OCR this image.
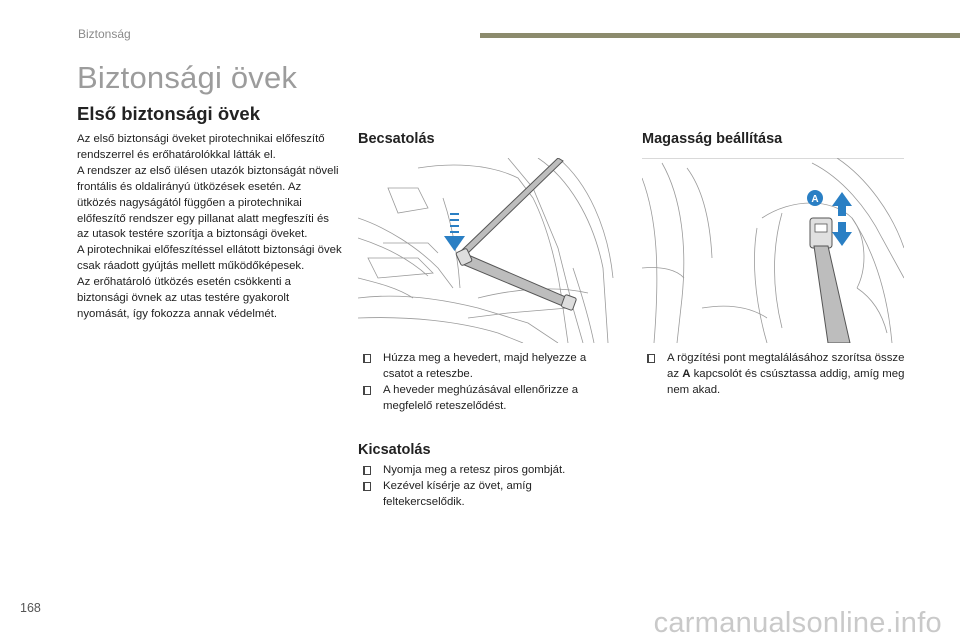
Biztonság
Biztonsági övek
Első biztonsági övek
Az első biztonsági öveket pirotechnikai előfeszítő rendszerrel és erőhatárolókkal látták el.
A rendszer az első ülésen utazók biztonságát növeli frontális és oldalirányú ütközések esetén. Az ütközés nagyságától függően a pirotechnikai előfeszítő rendszer egy pillanat alatt megfeszíti és az utasok testére szorítja a biztonsági öveket.
A pirotechnikai előfeszítéssel ellátott biztonsági övek csak ráadott gyújtás mellett működőképesek.
Az erőhatároló ütközés esetén csökkenti a biztonsági övnek az utas testére gyakorolt nyomását, így fokozza annak védelmét.
Becsatolás
Húzza meg a hevedert, majd helyezze a csatot a reteszbe.
A heveder meghúzásával ellenőrizze a megfelelő reteszelődést.
Kicsatolás
Nyomja meg a retesz piros gombját.
Kezével kísérje az övet, amíg feltekercselődik.
Magasság beállítása
A
A rögzítési pont megtalálásához szorítsa össze az A kapcsolót és csúsztassa addig, amíg meg nem akad.
168	carmanualsonline.info
